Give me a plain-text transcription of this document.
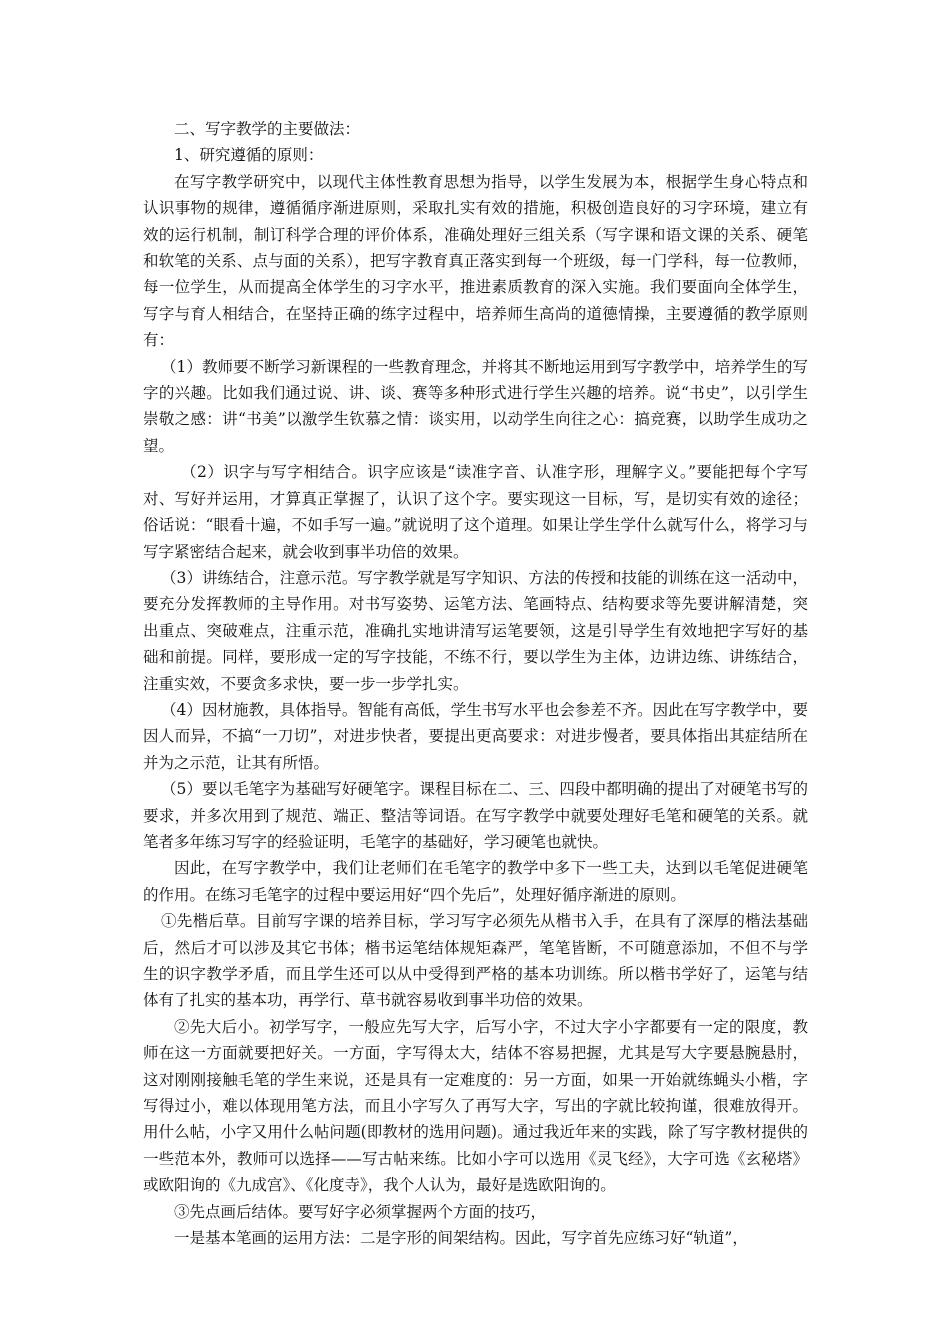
二、写字教学的主要做法：

1、研究遵循的原则：

在写字教学研究中，以现代主体性教育思想为指导，以学生发展为本，根据学生身心特点和认识事物的规律，遵循循序渐进原则，采取扎实有效的措施，积极创造良好的习字环境，建立有效的运行机制，制订科学合理的评价体系，准确处理好三组关系（写字课和语文课的关系、硬笔和软笔的关系、点与面的关系），把写字教育真正落实到每一个班级，每一门学科，每一位教师，每一位学生，从而提高全体学生的习字水平，推进素质教育的深入实施。我们要面向全体学生，写字与育人相结合，在坚持正确的练字过程中，培养师生高尚的道德情操，主要遵循的教学原则有：

（1）教师要不断学习新课程的一些教育理念，并将其不断地运用到写字教学中，培养学生的写字的兴趣。比如我们通过说、讲、谈、赛等多种形式进行学生兴趣的培养。说“书史”，以引学生崇敬之感：讲“书美”以激学生钦慕之情：谈实用，以动学生向往之心：搞竞赛，以助学生成功之望。

（2）识字与写字相结合。识字应该是“读准字音、认准字形，理解字义。”要能把每个字写对、写好并运用，才算真正掌握了，认识了这个字。要实现这一目标，写，是切实有效的途径；俗话说：“眼看十遍，不如手写一遍。”就说明了这个道理。如果让学生学什么就写什么，将学习与写字紧密结合起来，就会收到事半功倍的效果。

（3）讲练结合，注意示范。写字教学就是写字知识、方法的传授和技能的训练在这一活动中，要充分发挥教师的主导作用。对书写姿势、运笔方法、笔画特点、结构要求等先要讲解清楚，突出重点、突破难点，注重示范，准确扎实地讲清写运笔要领，这是引导学生有效地把字写好的基础和前提。同样，要形成一定的写字技能，不练不行，要以学生为主体，边讲边练、讲练结合，注重实效，不要贪多求快，要一步一步学扎实。

（4）因材施教，具体指导。智能有高低，学生书写水平也会参差不齐。因此在写字教学中，要因人而异，不搞“一刀切”，对进步快者，要提出更高要求：对进步慢者，要具体指出其症结所在并为之示范，让其有所悟。

（5）要以毛笔字为基础写好硬笔字。课程目标在二、三、四段中都明确的提出了对硬笔书写的要求，并多次用到了规范、端正、整洁等词语。在写字教学中就要处理好毛笔和硬笔的关系。就笔者多年练习写字的经验证明，毛笔字的基础好，学习硬笔也就快。

因此，在写字教学中，我们让老师们在毛笔字的教学中多下一些工夫，达到以毛笔促进硬笔的作用。在练习毛笔字的过程中要运用好“四个先后”，处理好循序渐进的原则。

①先楷后草。目前写字课的培养目标，学习写字必须先从楷书入手，在具有了深厚的楷法基础后，然后才可以涉及其它书体；楷书运笔结体规矩森严，笔笔皆断，不可随意添加，不但不与学生的识字教学矛盾，而且学生还可以从中受得到严格的基本功训练。所以楷书学好了，运笔与结体有了扎实的基本功，再学行、草书就容易收到事半功倍的效果。

②先大后小。初学写字，一般应先写大字，后写小字，不过大字小字都要有一定的限度，教师在这一方面就要把好关。一方面，字写得太大，结体不容易把握，尤其是写大字要悬腕悬肘，这对刚刚接触毛笔的学生来说，还是具有一定难度的：另一方面，如果一开始就练蝇头小楷，字写得过小，难以体现用笔方法，而且小字写久了再写大字，写出的字就比较拘谨，很难放得开。用什么帖，小字又用什么帖问题(即教材的选用问题)。通过我近年来的实践，除了写字教材提供的一些范本外，教师可以选择——写古帖来练。比如小字可以选用《灵飞经》，大字可选《玄秘塔》或欧阳询的《九成宫》、《化度寺》，我个人认为，最好是选欧阳询的。

③先点画后结体。要写好字必须掌握两个方面的技巧，

一是基本笔画的运用方法：二是字形的间架结构。因此，写字首先应练习好“轨道”，
